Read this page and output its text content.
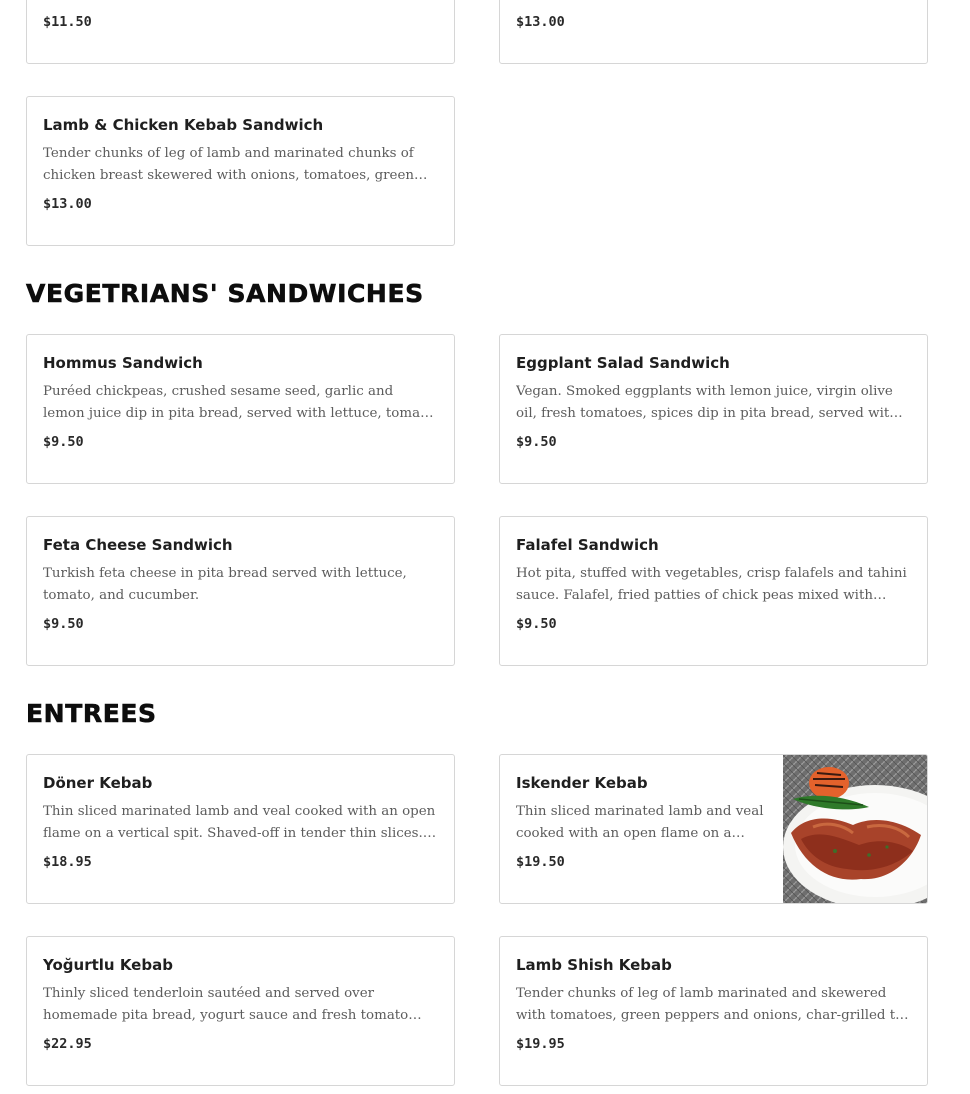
$11.50	$13.00
Lamb & Chicken Kebab Sandwich
Tender chunks of leg of lamb and marinated chunks of chicken breast skewered with onions, tomatoes, green…
$13.00
VEGETRIANS' SANDWICHES
Hommus Sandwich
Puréed chickpeas, crushed sesame seed, garlic and lemon juice dip in pita bread, served with lettuce, tomato,
$9.50
Eggplant Salad Sandwich
Vegan. Smoked eggplants with lemon juice, virgin olive oil, fresh tomatoes, spices dip in pita bread, served with
$9.50
Feta Cheese Sandwich
Turkish feta cheese in pita bread served with lettuce, tomato, and cucumber.
$9.50
Falafel Sandwich
Hot pita, stuffed with vegetables, crisp falafels and tahini sauce. Falafel, fried patties of chick peas mixed with
$9.50
ENTREES
Döner Kebab
Thin sliced marinated lamb and veal cooked with an open flame on a vertical spit. Shaved-off in tender thin slices.…
$18.95
Iskender Kebab
Thin sliced marinated lamb and veal cooked with an open flame on a
$19.50
Yoğurtlu Kebab
Thinly sliced tenderloin sautéed and served over homemade pita bread, yogurt sauce and fresh tomato
$22.95
Lamb Shish Kebab
Tender chunks of leg of lamb marinated and skewered with tomatoes, green peppers and onions, char-grilled to
$19.95
